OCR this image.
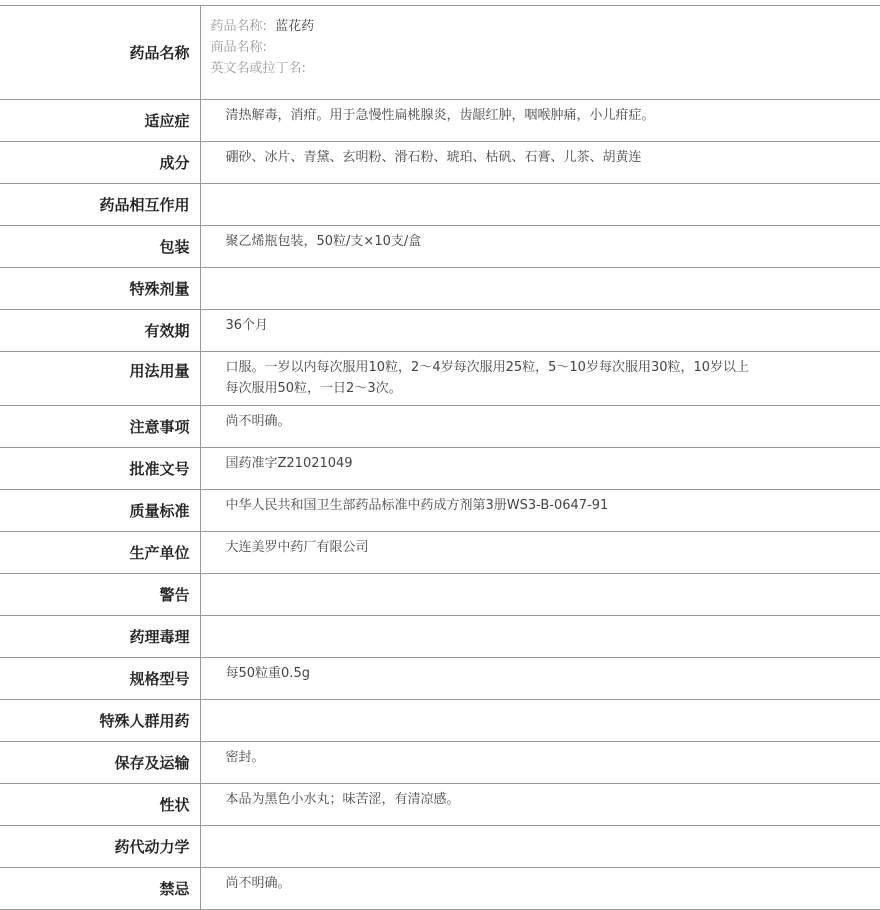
药品名称	药品名称: 蓝花药
商品名称:
英文名或拉丁名:

适应症	清热解毒，消疳。用于急慢性扁桃腺炎，齿龈红肿，咽喉肿痛，小儿疳症。
成分	硼砂、冰片、青黛、玄明粉、滑石粉、琥珀、枯矾、石膏、儿茶、胡黄连
药品相互作用	
包装	聚乙烯瓶包装，50粒/支×10支/盒
特殊剂量	
有效期	36个月
用法用量	口服。一岁以内每次服用10粒，2～4岁每次服用25粒，5～10岁每次服用30粒，10岁以上每次服用50粒，一日2～3次。
注意事项	尚不明确。
批准文号	国药准字Z21021049
质量标准	中华人民共和国卫生部药品标准中药成方剂第3册WS3-B-0647-91
生产单位	大连美罗中药厂有限公司
警告	
药理毒理	
规格型号	每50粒重0.5g
特殊人群用药	
保存及运输	密封。
性状	本品为黑色小水丸；味苦涩，有清凉感。
药代动力学	
禁忌	尚不明确。
